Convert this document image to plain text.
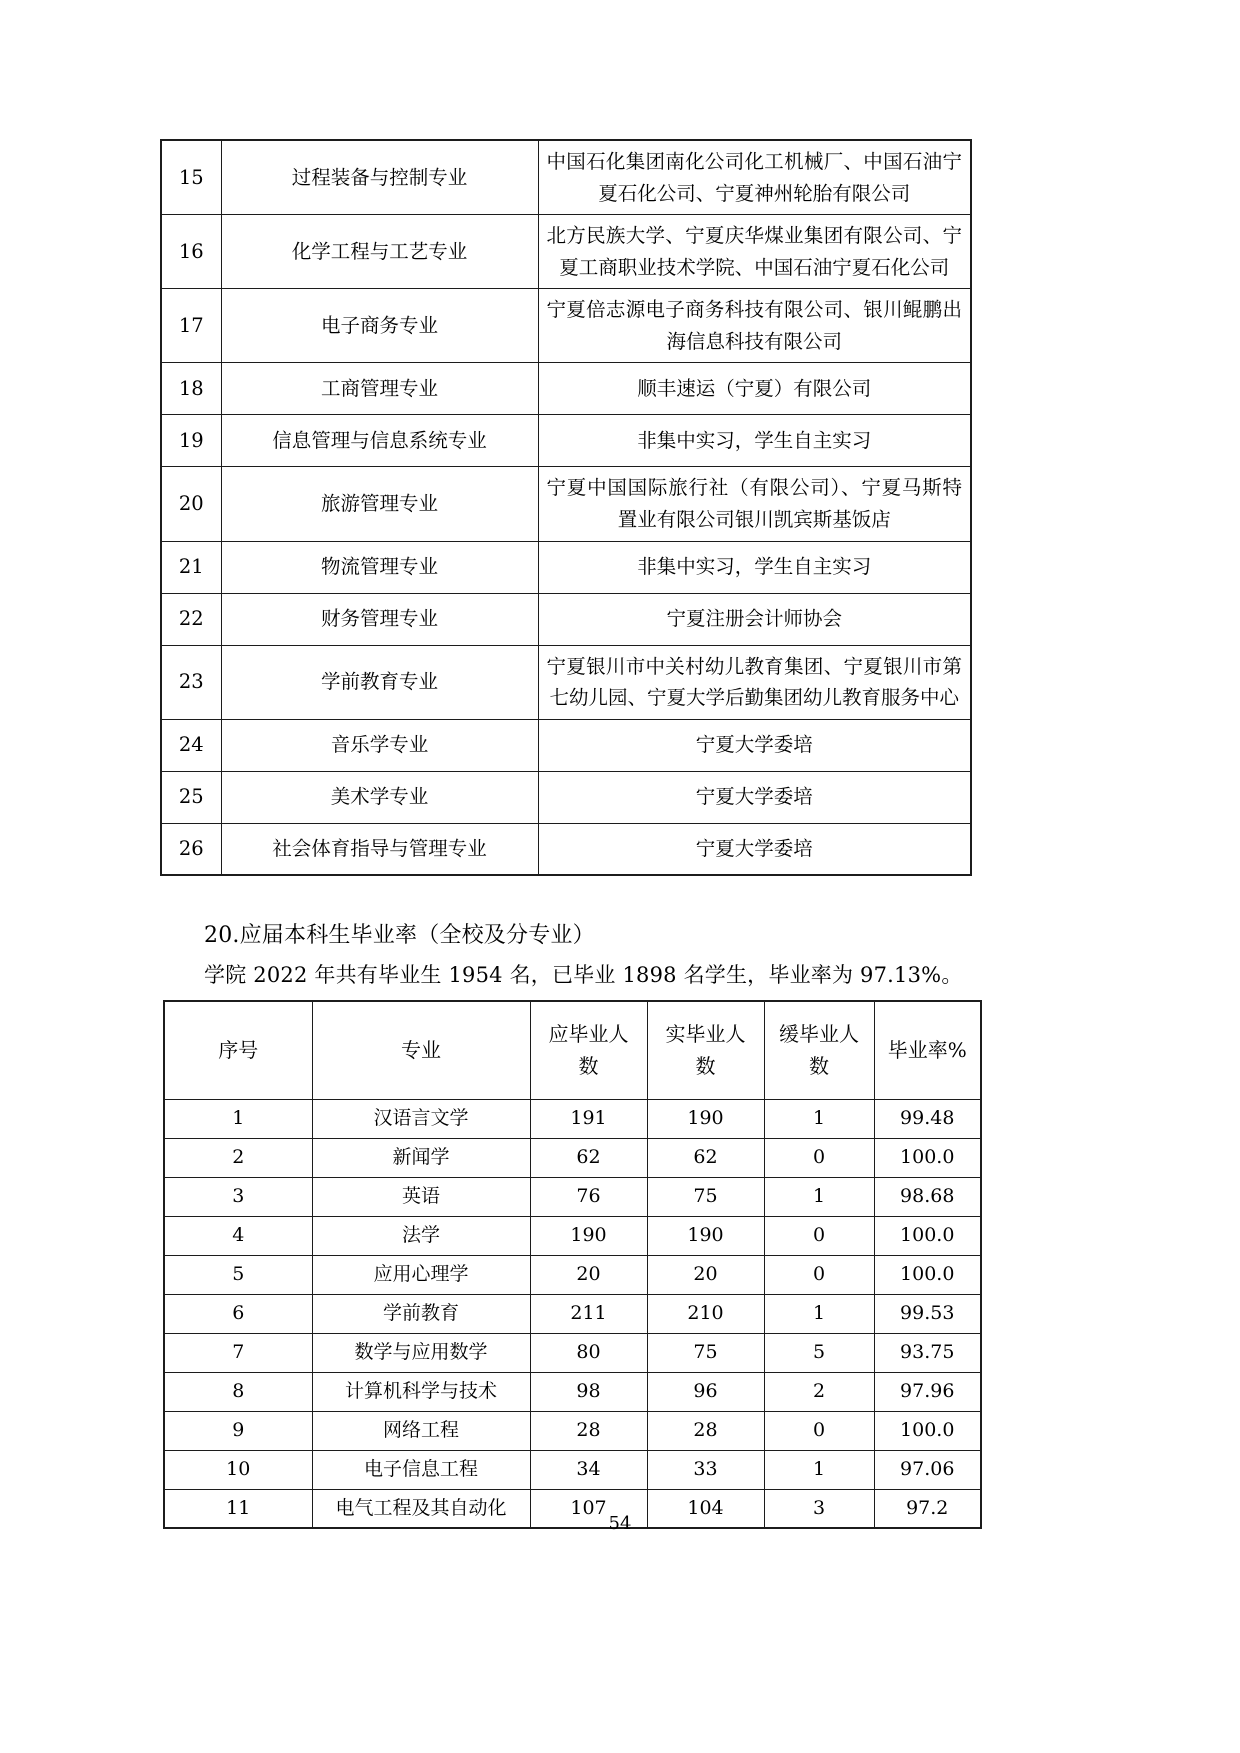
15	过程装备与控制专业	中国石化集团南化公司化工机械厂、中国石油宁夏石化公司、宁夏神州轮胎有限公司

16	化学工程与工艺专业	北方民族大学、宁夏庆华煤业集团有限公司、宁夏工商职业技术学院、中国石油宁夏石化公司

17	电子商务专业	宁夏倍志源电子商务科技有限公司、银川鲲鹏出海信息科技有限公司

18	工商管理专业	顺丰速运（宁夏）有限公司

19	信息管理与信息系统专业	非集中实习，学生自主实习

20	旅游管理专业	宁夏中国国际旅行社（有限公司）、宁夏马斯特置业有限公司银川凯宾斯基饭店

21	物流管理专业	非集中实习，学生自主实习

22	财务管理专业	宁夏注册会计师协会

23	学前教育专业	宁夏银川市中关村幼儿教育集团、宁夏银川市第七幼儿园、宁夏大学后勤集团幼儿教育服务中心

24	音乐学专业	宁夏大学委培

25	美术学专业	宁夏大学委培

26	社会体育指导与管理专业	宁夏大学委培
20.应届本科生毕业率（全校及分专业）
学院 2022 年共有毕业生 1954 名，已毕业 1898 名学生，毕业率为 97.13%。
序号	专业	应毕业人数	实毕业人数	缓毕业人数	毕业率%
1	汉语言文学	191	190	1	99.48
2	新闻学	62	62	0	100.0
3	英语	76	75	1	98.68
4	法学	190	190	0	100.0
5	应用心理学	20	20	0	100.0
6	学前教育	211	210	1	99.53
7	数学与应用数学	80	75	5	93.75
8	计算机科学与技术	98	96	2	97.96
9	网络工程	28	28	0	100.0
10	电子信息工程	34	33	1	97.06
11	电气工程及其自动化	107	104	3	97.2
54
